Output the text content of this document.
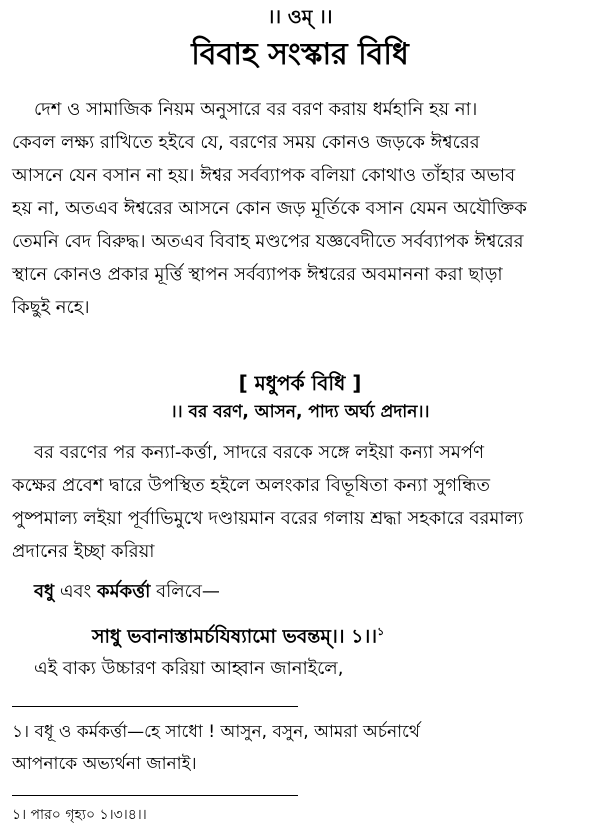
।। ওম্ ।।
বিবাহ সংস্কার বিধি
দেশ ও সামাজিক নিয়ম অনুসারে বর বরণ করায় ধর্মহানি হয় না।
কেবল লক্ষ্য রাখিতে হইবে যে, বরণের সময় কোনও জড়কে ঈশ্বরের
আসনে যেন বসান না হয়। ঈশ্বর সর্বব্যাপক বলিয়া কোথাও তাঁহার অভাব
হয় না, অতএব ঈশ্বরের আসনে কোন জড় মূর্তিকে বসান যেমন অযৌক্তিক
তেমনি বেদ বিরুদ্ধ। অতএব বিবাহ মণ্ডপের যজ্ঞবেদীতে সর্বব্যাপক ঈশ্বরের
স্থানে কোনও প্রকার মূর্ত্তি স্থাপন সর্বব্যাপক ঈশ্বরের অবমাননা করা ছাড়া
কিছুই নহে।
[ মধুপর্ক বিধি ]
।। বর বরণ, আসন, পাদ্য অর্ঘ্য প্রদান।।
বর বরণের পর কন্যা-কর্ত্তা, সাদরে বরকে সঙ্গে লইয়া কন্যা সমর্পণ
কক্ষের প্রবেশ দ্বারে উপস্থিত হইলে অলংকার বিভূষিতা কন্যা সুগন্ধিত
পুষ্পমাল্য লইয়া পূর্বাভিমুখে দণ্ডায়মান বরের গলায় শ্রদ্ধা সহকারে বরমাল্য
প্রদানের ইচ্ছা করিয়া
বধু এবং কর্মকর্ত্তা বলিবে—
সাধু ভবানাস্তামর্চযিষ্যামো ভবন্তম্।। ১।।$^১$
এই বাক্য উচ্চারণ করিয়া আহ্বান জানাইলে,
১। বধূ ও কর্মকর্ত্তা—হে সাধো ! আসুন, বসুন, আমরা অর্চনার্থে
আপনাকে অভ্যর্থনা জানাই।
১। পার০ গৃহ্য০ ১।৩।৪।।
